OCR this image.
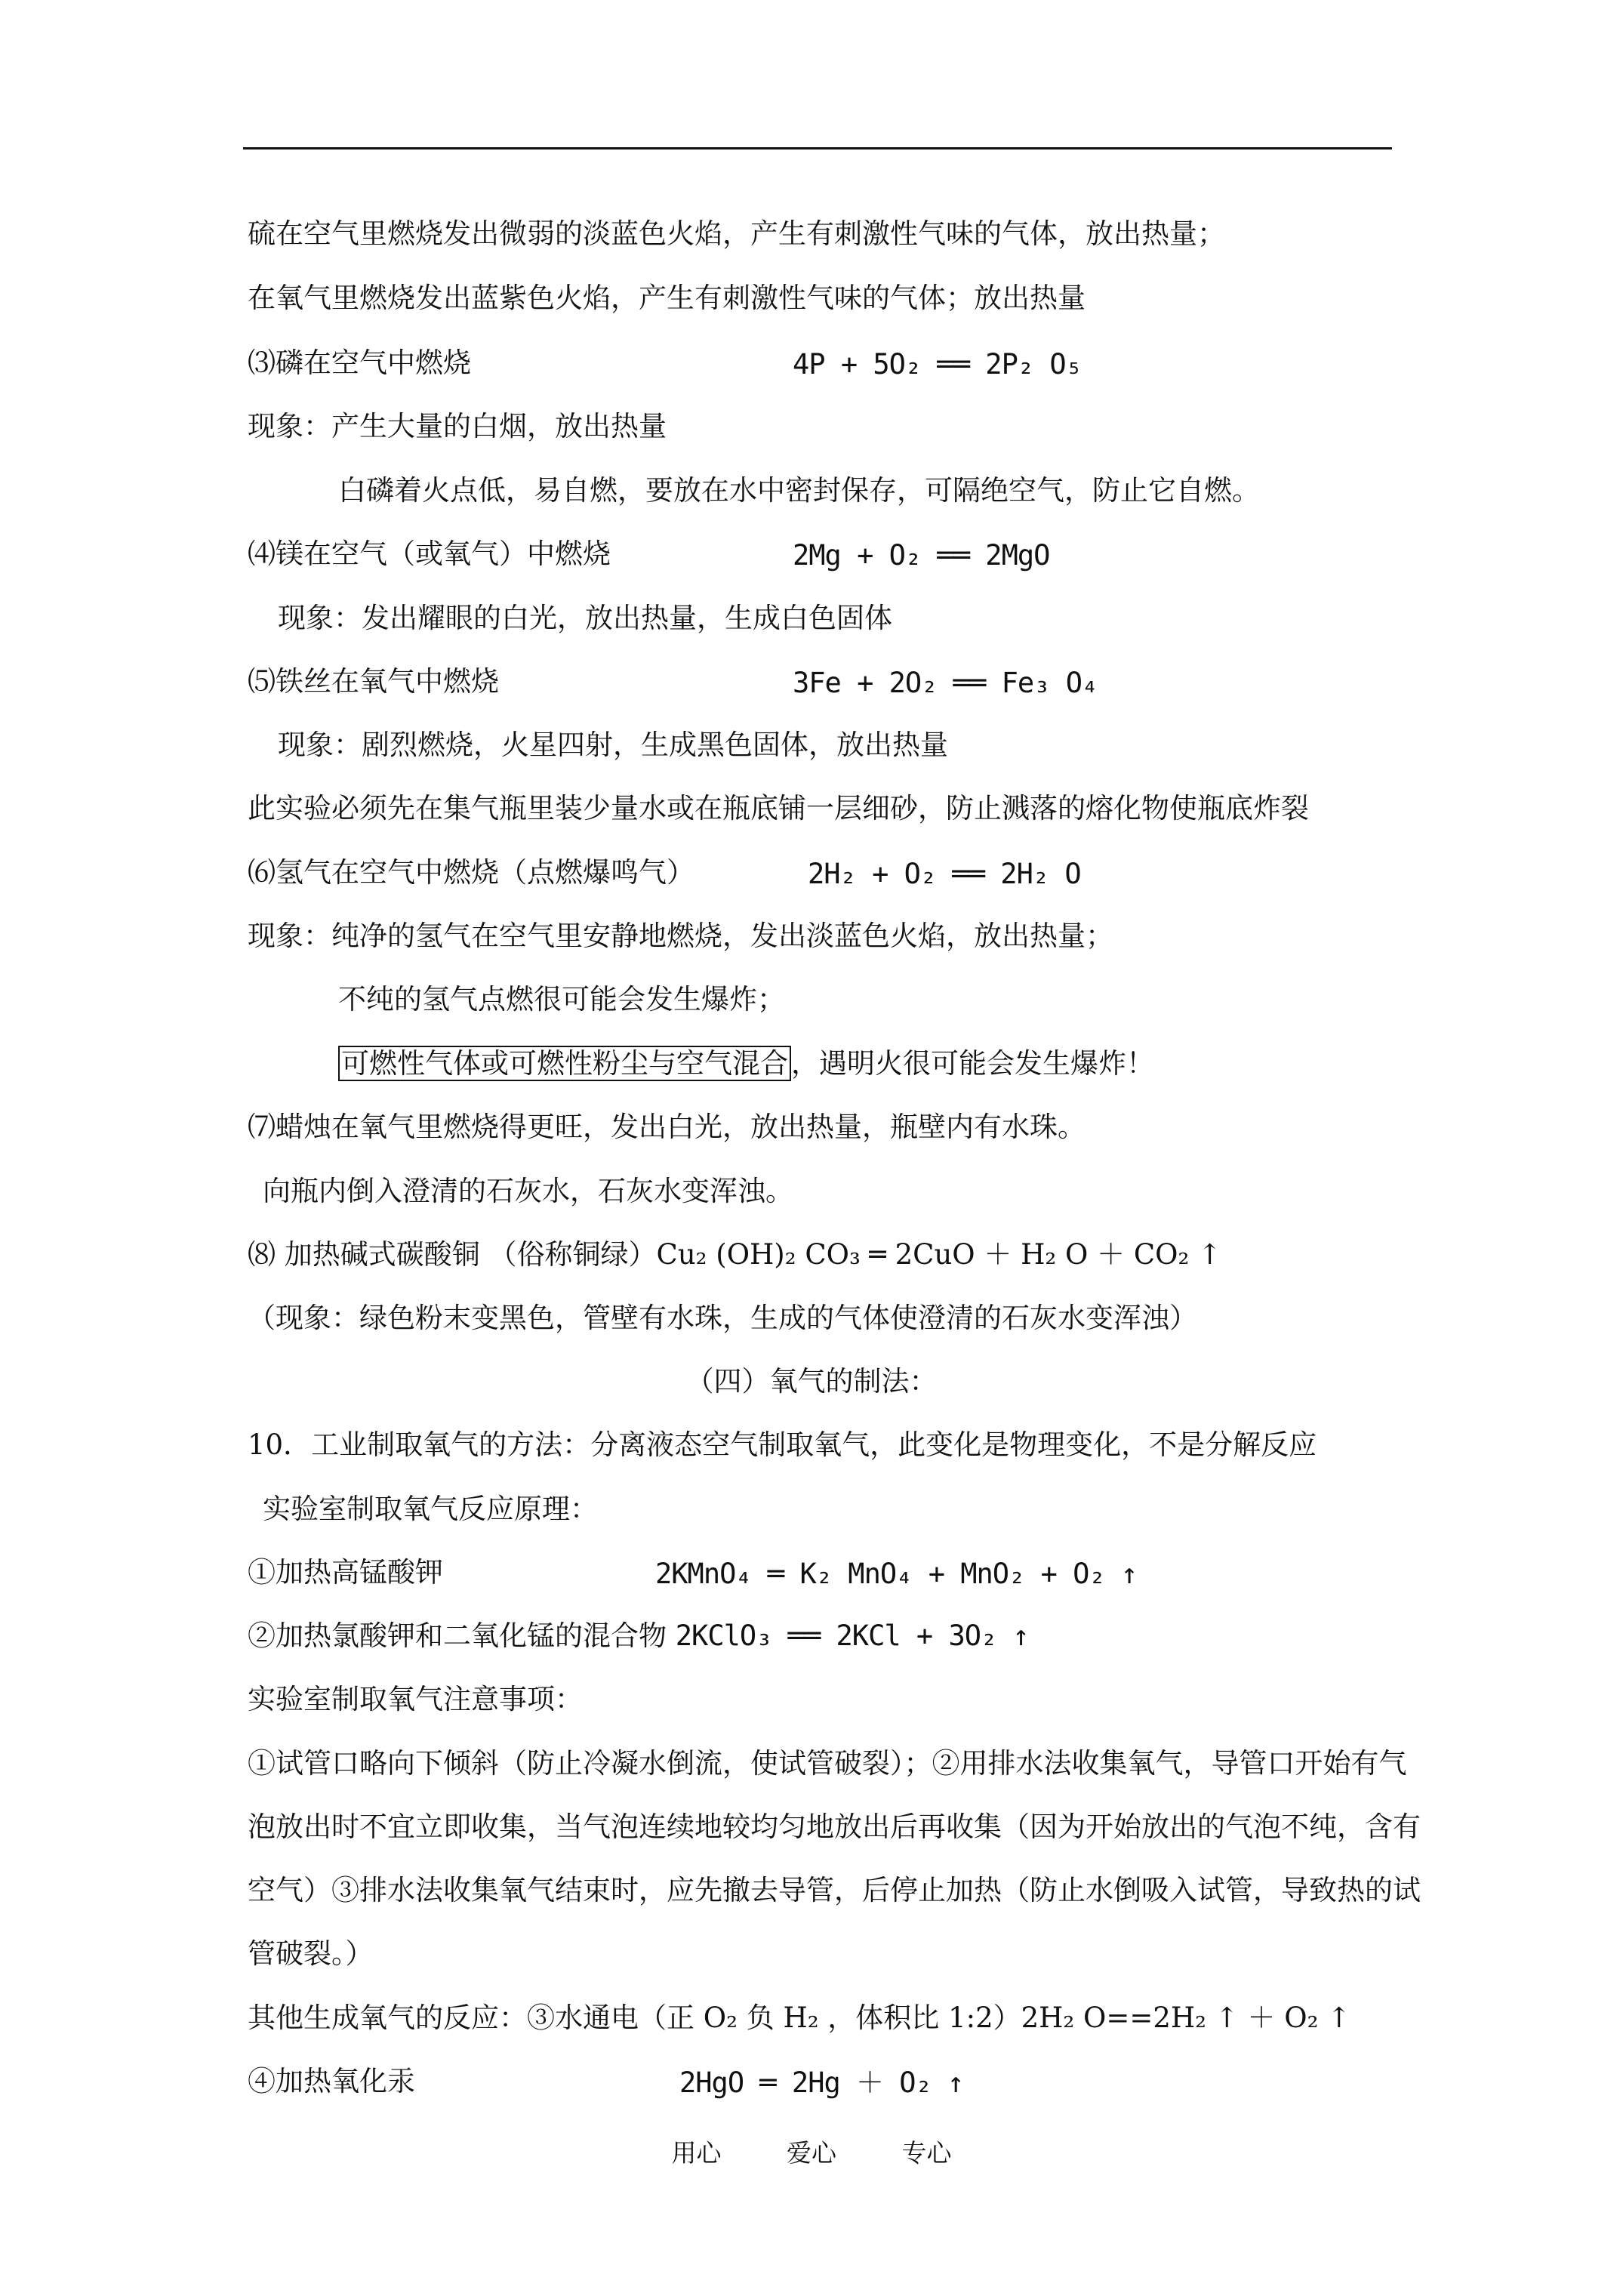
硫在空气里燃烧发出微弱的淡蓝色火焰，产生有刺激性气味的气体，放出热量；
在氧气里燃烧发出蓝紫色火焰，产生有刺激性气味的气体；放出热量
⑶磷在空气中燃烧	4P + 5O₂ ══ 2P₂ O₅
现象：产生大量的白烟，放出热量
白磷着火点低，易自燃，要放在水中密封保存，可隔绝空气，防止它自燃。
⑷镁在空气（或氧气）中燃烧	2Mg + O₂ ══ 2MgO
现象：发出耀眼的白光，放出热量，生成白色固体
⑸铁丝在氧气中燃烧	3Fe + 2O₂ ══ Fe₃ O₄
现象：剧烈燃烧，火星四射，生成黑色固体，放出热量
此实验必须先在集气瓶里装少量水或在瓶底铺一层细砂，防止溅落的熔化物使瓶底炸裂
⑹氢气在空气中燃烧（点燃爆鸣气）	2H₂ + O₂ ══ 2H₂ O
现象：纯净的氢气在空气里安静地燃烧，发出淡蓝色火焰，放出热量；
不纯的氢气点燃很可能会发生爆炸；
可燃性气体或可燃性粉尘与空气混合 ，遇明火很可能会发生爆炸！
⑺蜡烛在氧气里燃烧得更旺，发出白光，放出热量，瓶壁内有水珠。
向瓶内倒入澄清的石灰水，石灰水变浑浊。
⑻ 加热碱式碳酸铜 （俗称铜绿）Cu₂ (OH)₂ CO₃ ═ 2CuO ＋ H₂ O ＋ CO₂ ↑
（现象：绿色粉末变黑色，管壁有水珠，生成的气体使澄清的石灰水变浑浊）
（四）氧气的制法：
10．工业制取氧气的方法：分离液态空气制取氧气，此变化是物理变化，不是分解反应
实验室制取氧气反应原理：
①加热高锰酸钾	2KMnO₄ ═ K₂ MnO₄ + MnO₂ + O₂ ↑
②加热氯酸钾和二氧化锰的混合物 2KClO₃ ══ 2KCl + 3O₂ ↑
实验室制取氧气注意事项：
①试管口略向下倾斜（防止冷凝水倒流，使试管破裂）；②用排水法收集氧气，导管口开始有气
泡放出时不宜立即收集，当气泡连续地较均匀地放出后再收集（因为开始放出的气泡不纯，含有
空气）③排水法收集氧气结束时，应先撤去导管，后停止加热（防止水倒吸入试管，导致热的试
管破裂。）
其他生成氧气的反应：③水通电（正 O₂ 负 H₂ ，体积比 1:2）2H₂ O==2H₂ ↑ ＋ O₂ ↑
④加热氧化汞	2HgO ═ 2Hg ＋ O₂ ↑
用心	爱心	专心
